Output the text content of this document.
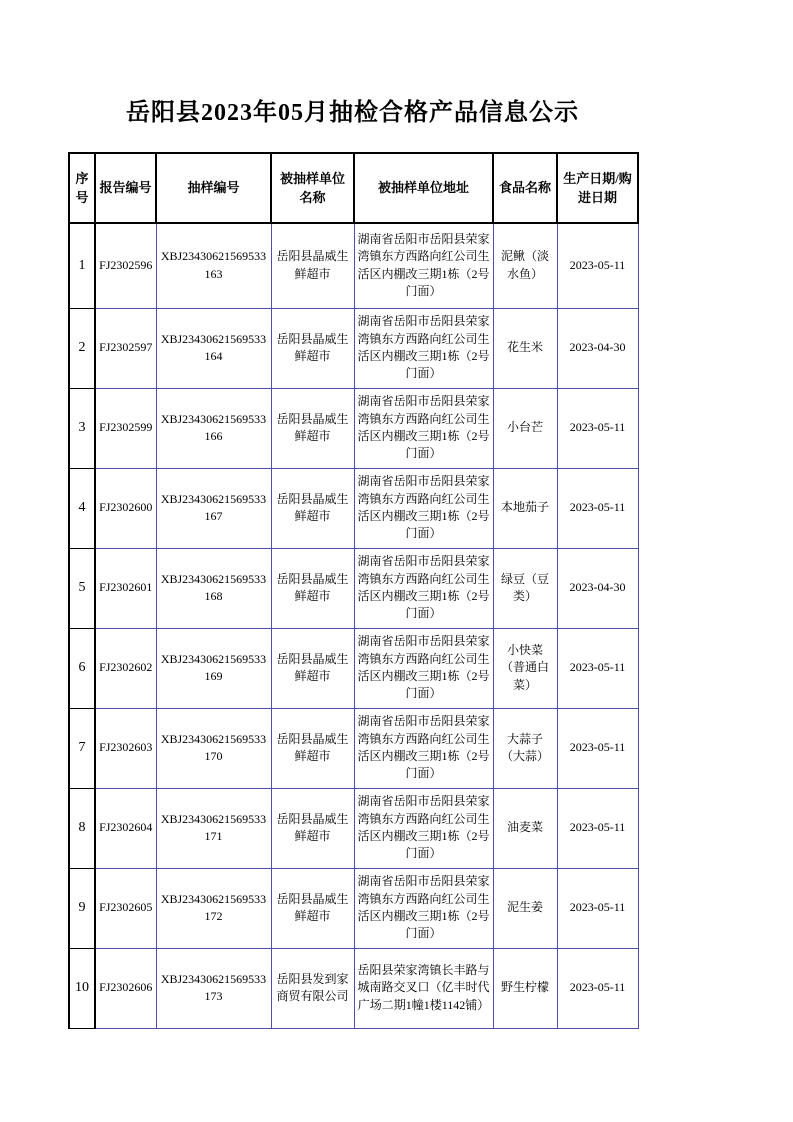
岳阳县2023年05月抽检合格产品信息公示
序号	报告编号	抽样编号	被抽样单位名称	被抽样单位地址	食品名称	生产日期/购进日期
1	FJ2302596	XBJ23430621569533163	岳阳县晶威生鲜超市	湖南省岳阳市岳阳县荣家湾镇东方西路向红公司生活区内棚改三期1栋（2号门面）	泥鳅（淡水鱼）	2023-05-11
2	FJ2302597	XBJ23430621569533164	岳阳县晶威生鲜超市	湖南省岳阳市岳阳县荣家湾镇东方西路向红公司生活区内棚改三期1栋（2号门面）	花生米	2023-04-30
3	FJ2302599	XBJ23430621569533166	岳阳县晶威生鲜超市	湖南省岳阳市岳阳县荣家湾镇东方西路向红公司生活区内棚改三期1栋（2号门面）	小台芒	2023-05-11
4	FJ2302600	XBJ23430621569533167	岳阳县晶威生鲜超市	湖南省岳阳市岳阳县荣家湾镇东方西路向红公司生活区内棚改三期1栋（2号门面）	本地茄子	2023-05-11
5	FJ2302601	XBJ23430621569533168	岳阳县晶威生鲜超市	湖南省岳阳市岳阳县荣家湾镇东方西路向红公司生活区内棚改三期1栋（2号门面）	绿豆（豆类）	2023-04-30
6	FJ2302602	XBJ23430621569533169	岳阳县晶威生鲜超市	湖南省岳阳市岳阳县荣家湾镇东方西路向红公司生活区内棚改三期1栋（2号门面）	小快菜（普通白菜）	2023-05-11
7	FJ2302603	XBJ23430621569533170	岳阳县晶威生鲜超市	湖南省岳阳市岳阳县荣家湾镇东方西路向红公司生活区内棚改三期1栋（2号门面）	大蒜子（大蒜）	2023-05-11
8	FJ2302604	XBJ23430621569533171	岳阳县晶威生鲜超市	湖南省岳阳市岳阳县荣家湾镇东方西路向红公司生活区内棚改三期1栋（2号门面）	油麦菜	2023-05-11
9	FJ2302605	XBJ23430621569533172	岳阳县晶威生鲜超市	湖南省岳阳市岳阳县荣家湾镇东方西路向红公司生活区内棚改三期1栋（2号门面）	泥生姜	2023-05-11
10	FJ2302606	XBJ23430621569533173	岳阳县发到家商贸有限公司	岳阳县荣家湾镇长丰路与城南路交叉口（亿丰时代广场二期1幢1楼1142铺）	野生柠檬	2023-05-11
